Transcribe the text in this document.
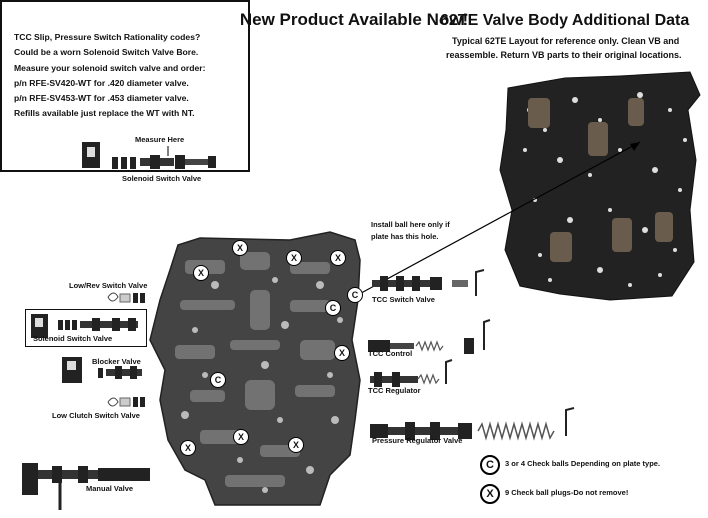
New Product Available Now!
TCC Slip, Pressure Switch Rationality codes?
Could be a worn Solenoid Switch Valve Bore.
Measure your solenoid switch valve and order:
p/n RFE-SV420-WT for .420 diameter valve.
p/n RFE-SV453-WT for .453 diameter valve.
Refills available just replace the WT with NT.
Measure Here
Solenoid Switch Valve
62TE Valve Body Additional Data
Typical 62TE Layout for reference only. Clean VB and
reassemble. Return VB parts to their original locations.
X
X	X
X
C
C
X
C
X
X
X
Install ball here only if
plate has this hole.
Low/Rev Switch Valve
Solenoid Switch Valve
Blocker Valve
Low Clutch Switch Valve
Manual Valve
TCC Switch Valve
TCC Control
TCC Regulator
Pressure Regulator Valve
C	3 or 4 Check balls Depending on plate type.
X	9 Check ball plugs-Do not remove!
